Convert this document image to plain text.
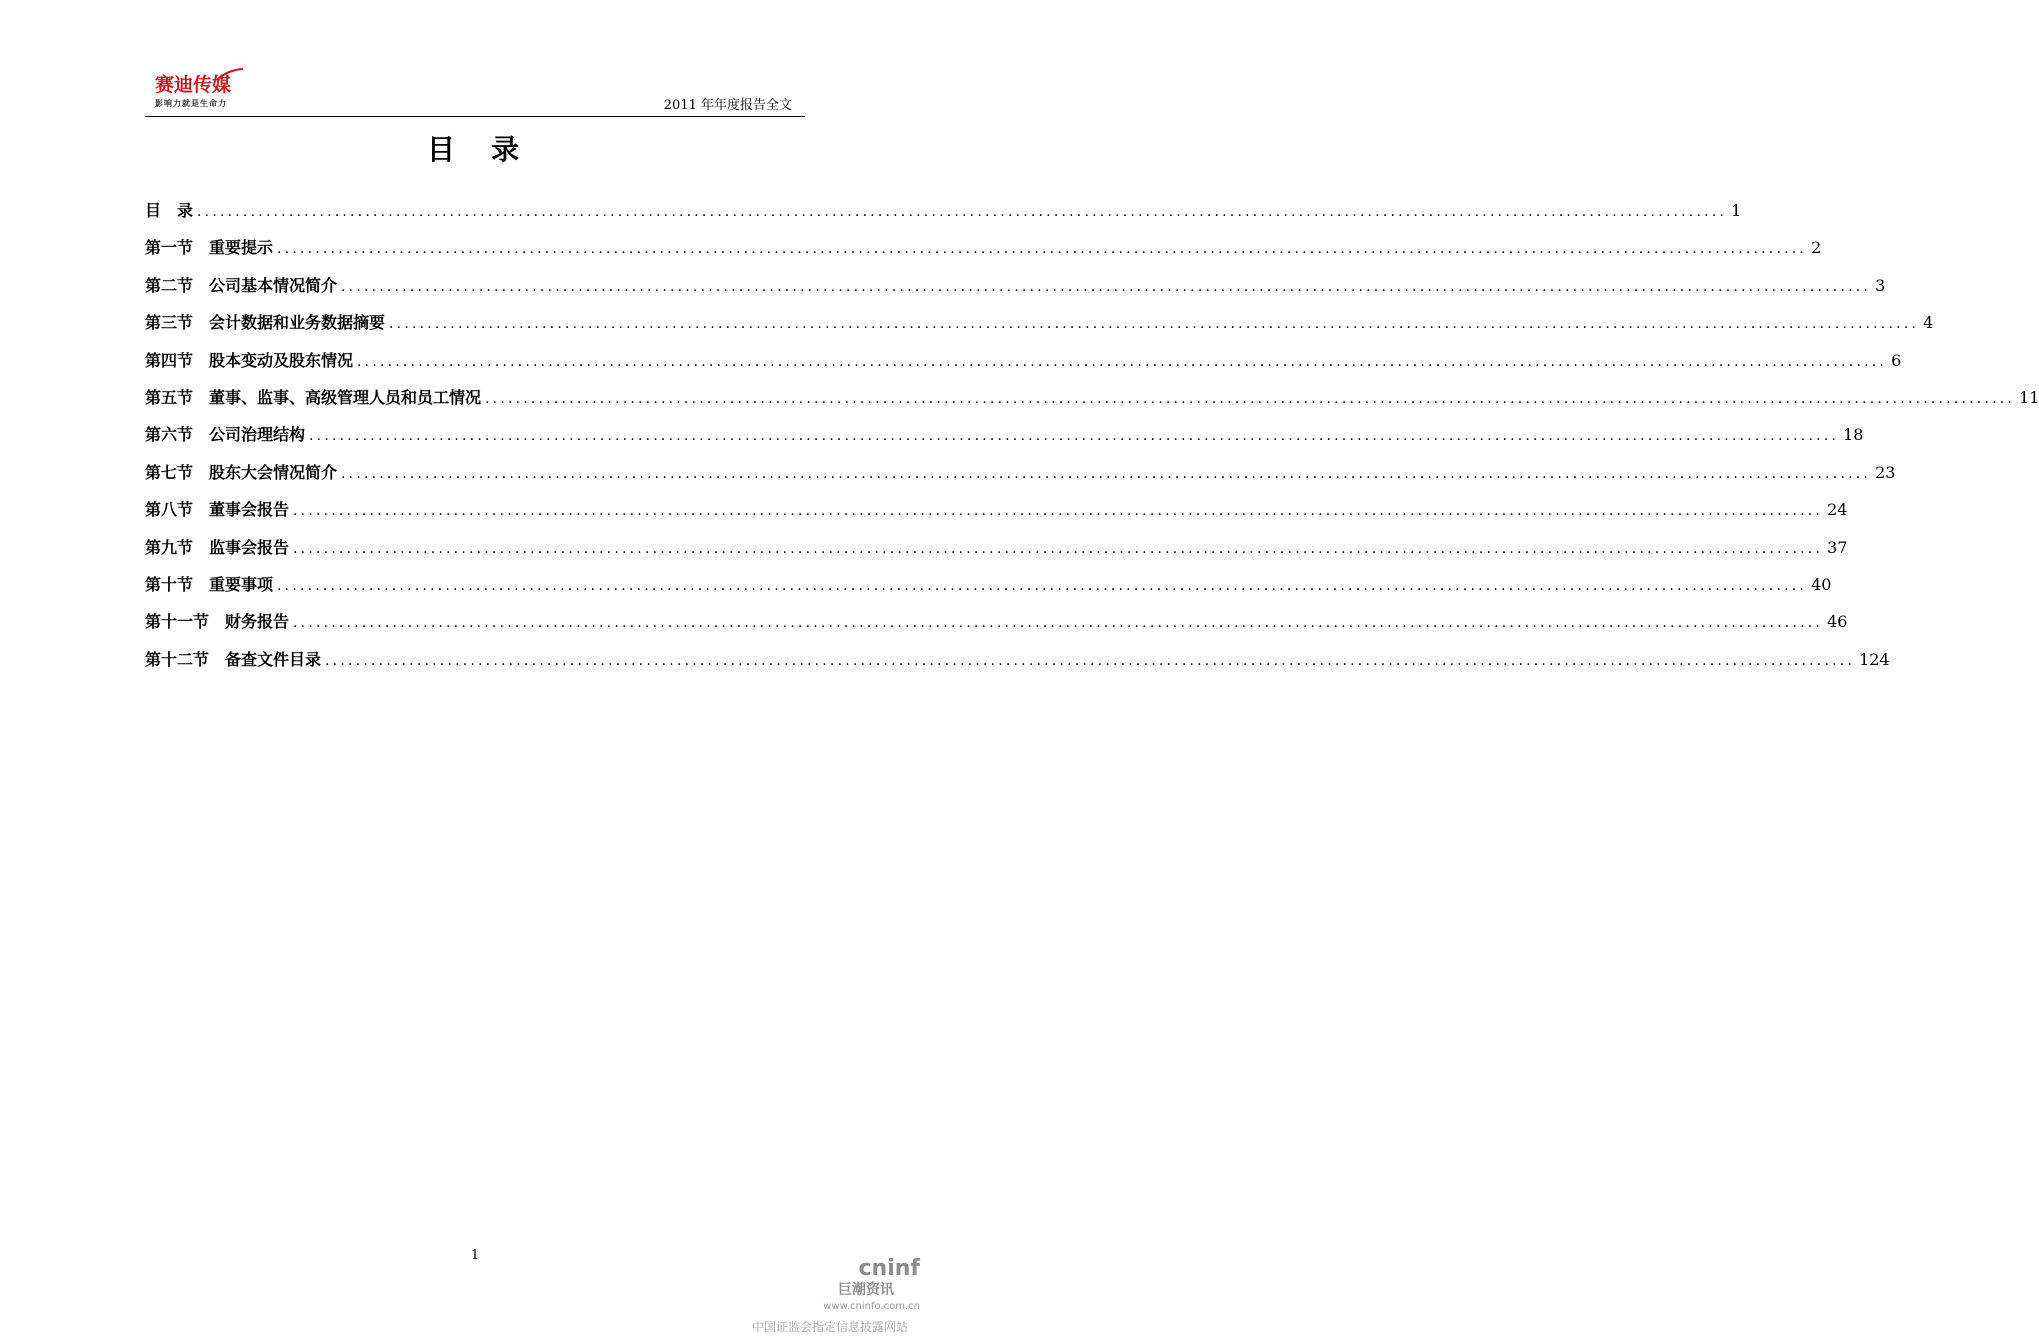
赛迪传媒
影响力就是生命力	2011 年年度报告全文
目　录
目　录 ........................................................................................................................................................................................................ 1
第一节　重要提示 ........................................................................................................................................................................................................ 2
第二节　公司基本情况简介 ........................................................................................................................................................................................................ 3
第三节　会计数据和业务数据摘要 ........................................................................................................................................................................................................ 4
第四节　股本变动及股东情况 ........................................................................................................................................................................................................ 6
第五节　董事、监事、高级管理人员和员工情况 ........................................................................................................................................................................................................ 11
第六节　公司治理结构 ........................................................................................................................................................................................................ 18
第七节　股东大会情况简介 ........................................................................................................................................................................................................ 23
第八节　董事会报告 ........................................................................................................................................................................................................ 24
第九节　监事会报告 ........................................................................................................................................................................................................ 37
第十节　重要事项 ........................................................................................................................................................................................................ 40
第十一节　财务报告 ........................................................................................................................................................................................................ 46
第十二节　备查文件目录 ........................................................................................................................................................................................................ 124
1
cninf
巨潮资讯
www.cninfo.com.cn
中国证监会指定信息披露网站
